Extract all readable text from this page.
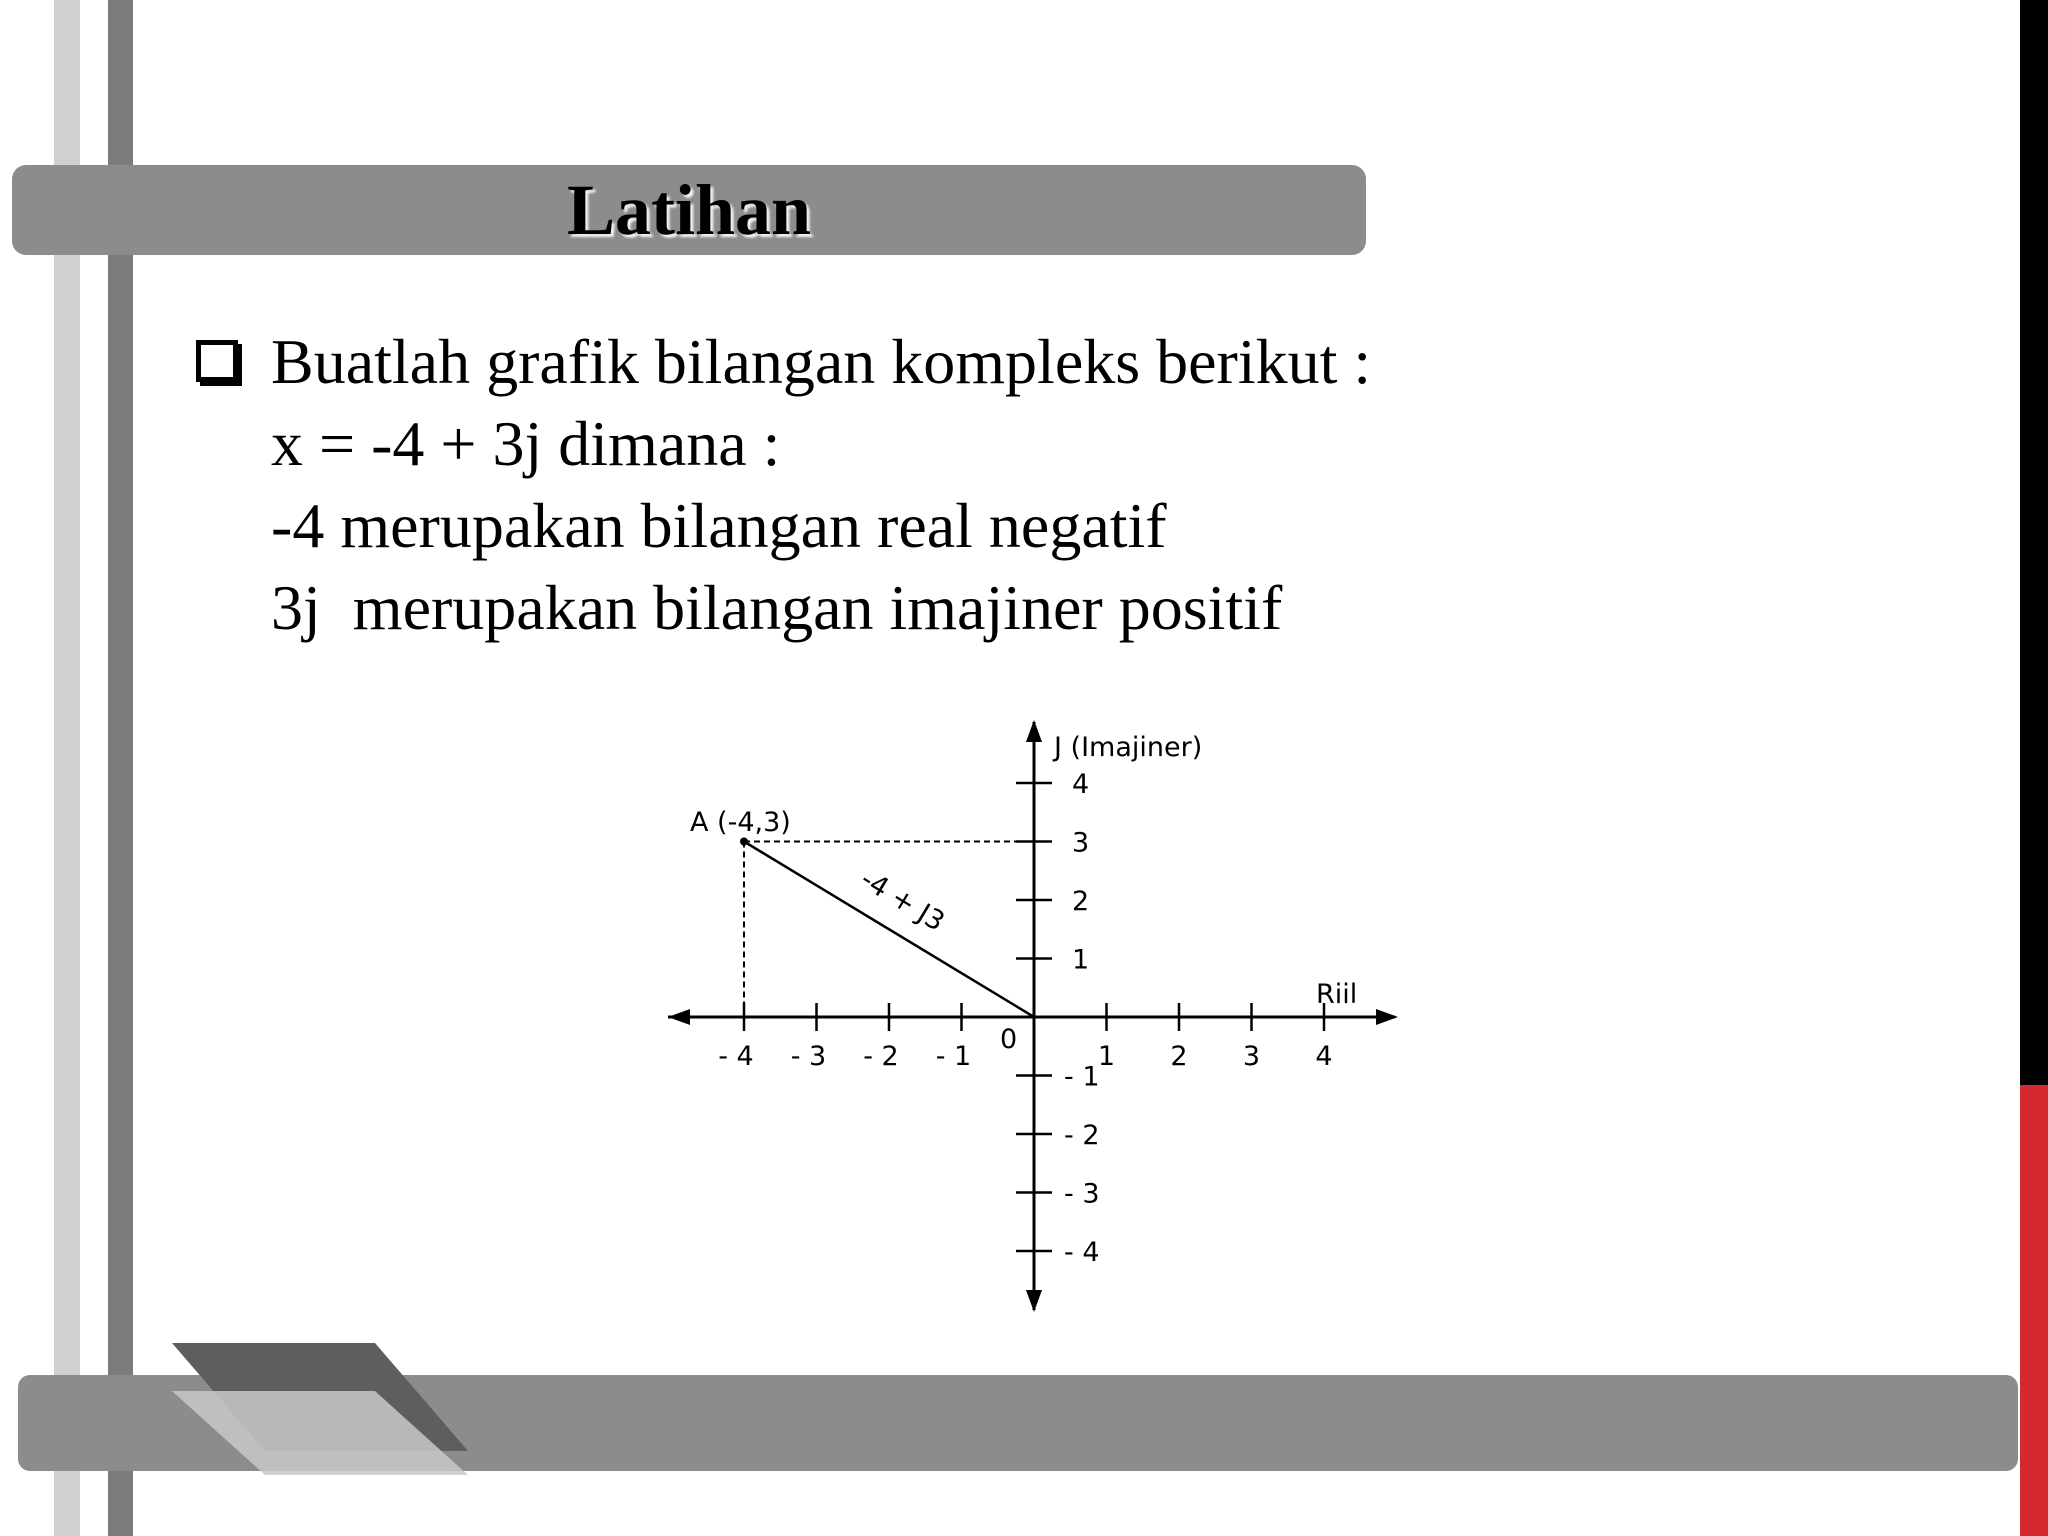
Latihan
Buatlah grafik bilangan kompleks berikut :
x = -4 + 3j dimana :
-4 merupakan bilangan real negatif
3j  merupakan bilangan imajiner positif
- 4 - 3 - 2 - 1	1 2 3 4
4
3
2
1
- 1
- 2
- 3
- 4
J (Imajiner)
Riil
0
A (-4,3)
-4 + J3
